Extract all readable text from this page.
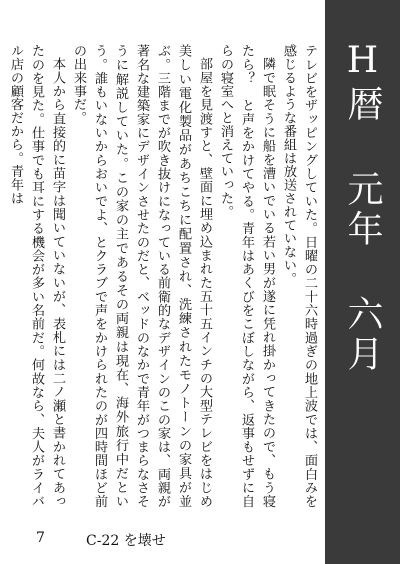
H暦 元年 六月

テレビをザッピングしていた。日曜の二十六時過ぎの地上波では、面白みを感じるような番組は放送されていない。

隣で眠そうに船を漕いでいる若い男が遂に凭れ掛かってきたので、もう寝たら？　と声をかけてやる。青年はあくびをこぼしながら、返事もせずに自らの寝室へと消えていった。

部屋を見渡すと、壁面に埋め込まれた五十五インチの大型テレビをはじめ美しい電化製品があちこちに配置され、洗練されたモノトーンの家具が並ぶ。三階までが吹き抜けになっている前衛的なデザインのこの家は、両親が著名な建築家にデザインさせたのだと、ベッドのなかで青年がつまらなさそうに解説していた。この家の主であるその両親は現在、海外旅行中だという。誰もいないからおいでよ、とクラブで声をかけられたのが四時間ほど前の出来事だ。

本人から直接的に苗字は聞いていないが、表札には二ノ瀬と書かれてあったのを見た。仕事でも耳にする機会が多い名前だ。何故なら、夫人がライバル店の顧客だから。青年は

7	C-22 を壊せ
